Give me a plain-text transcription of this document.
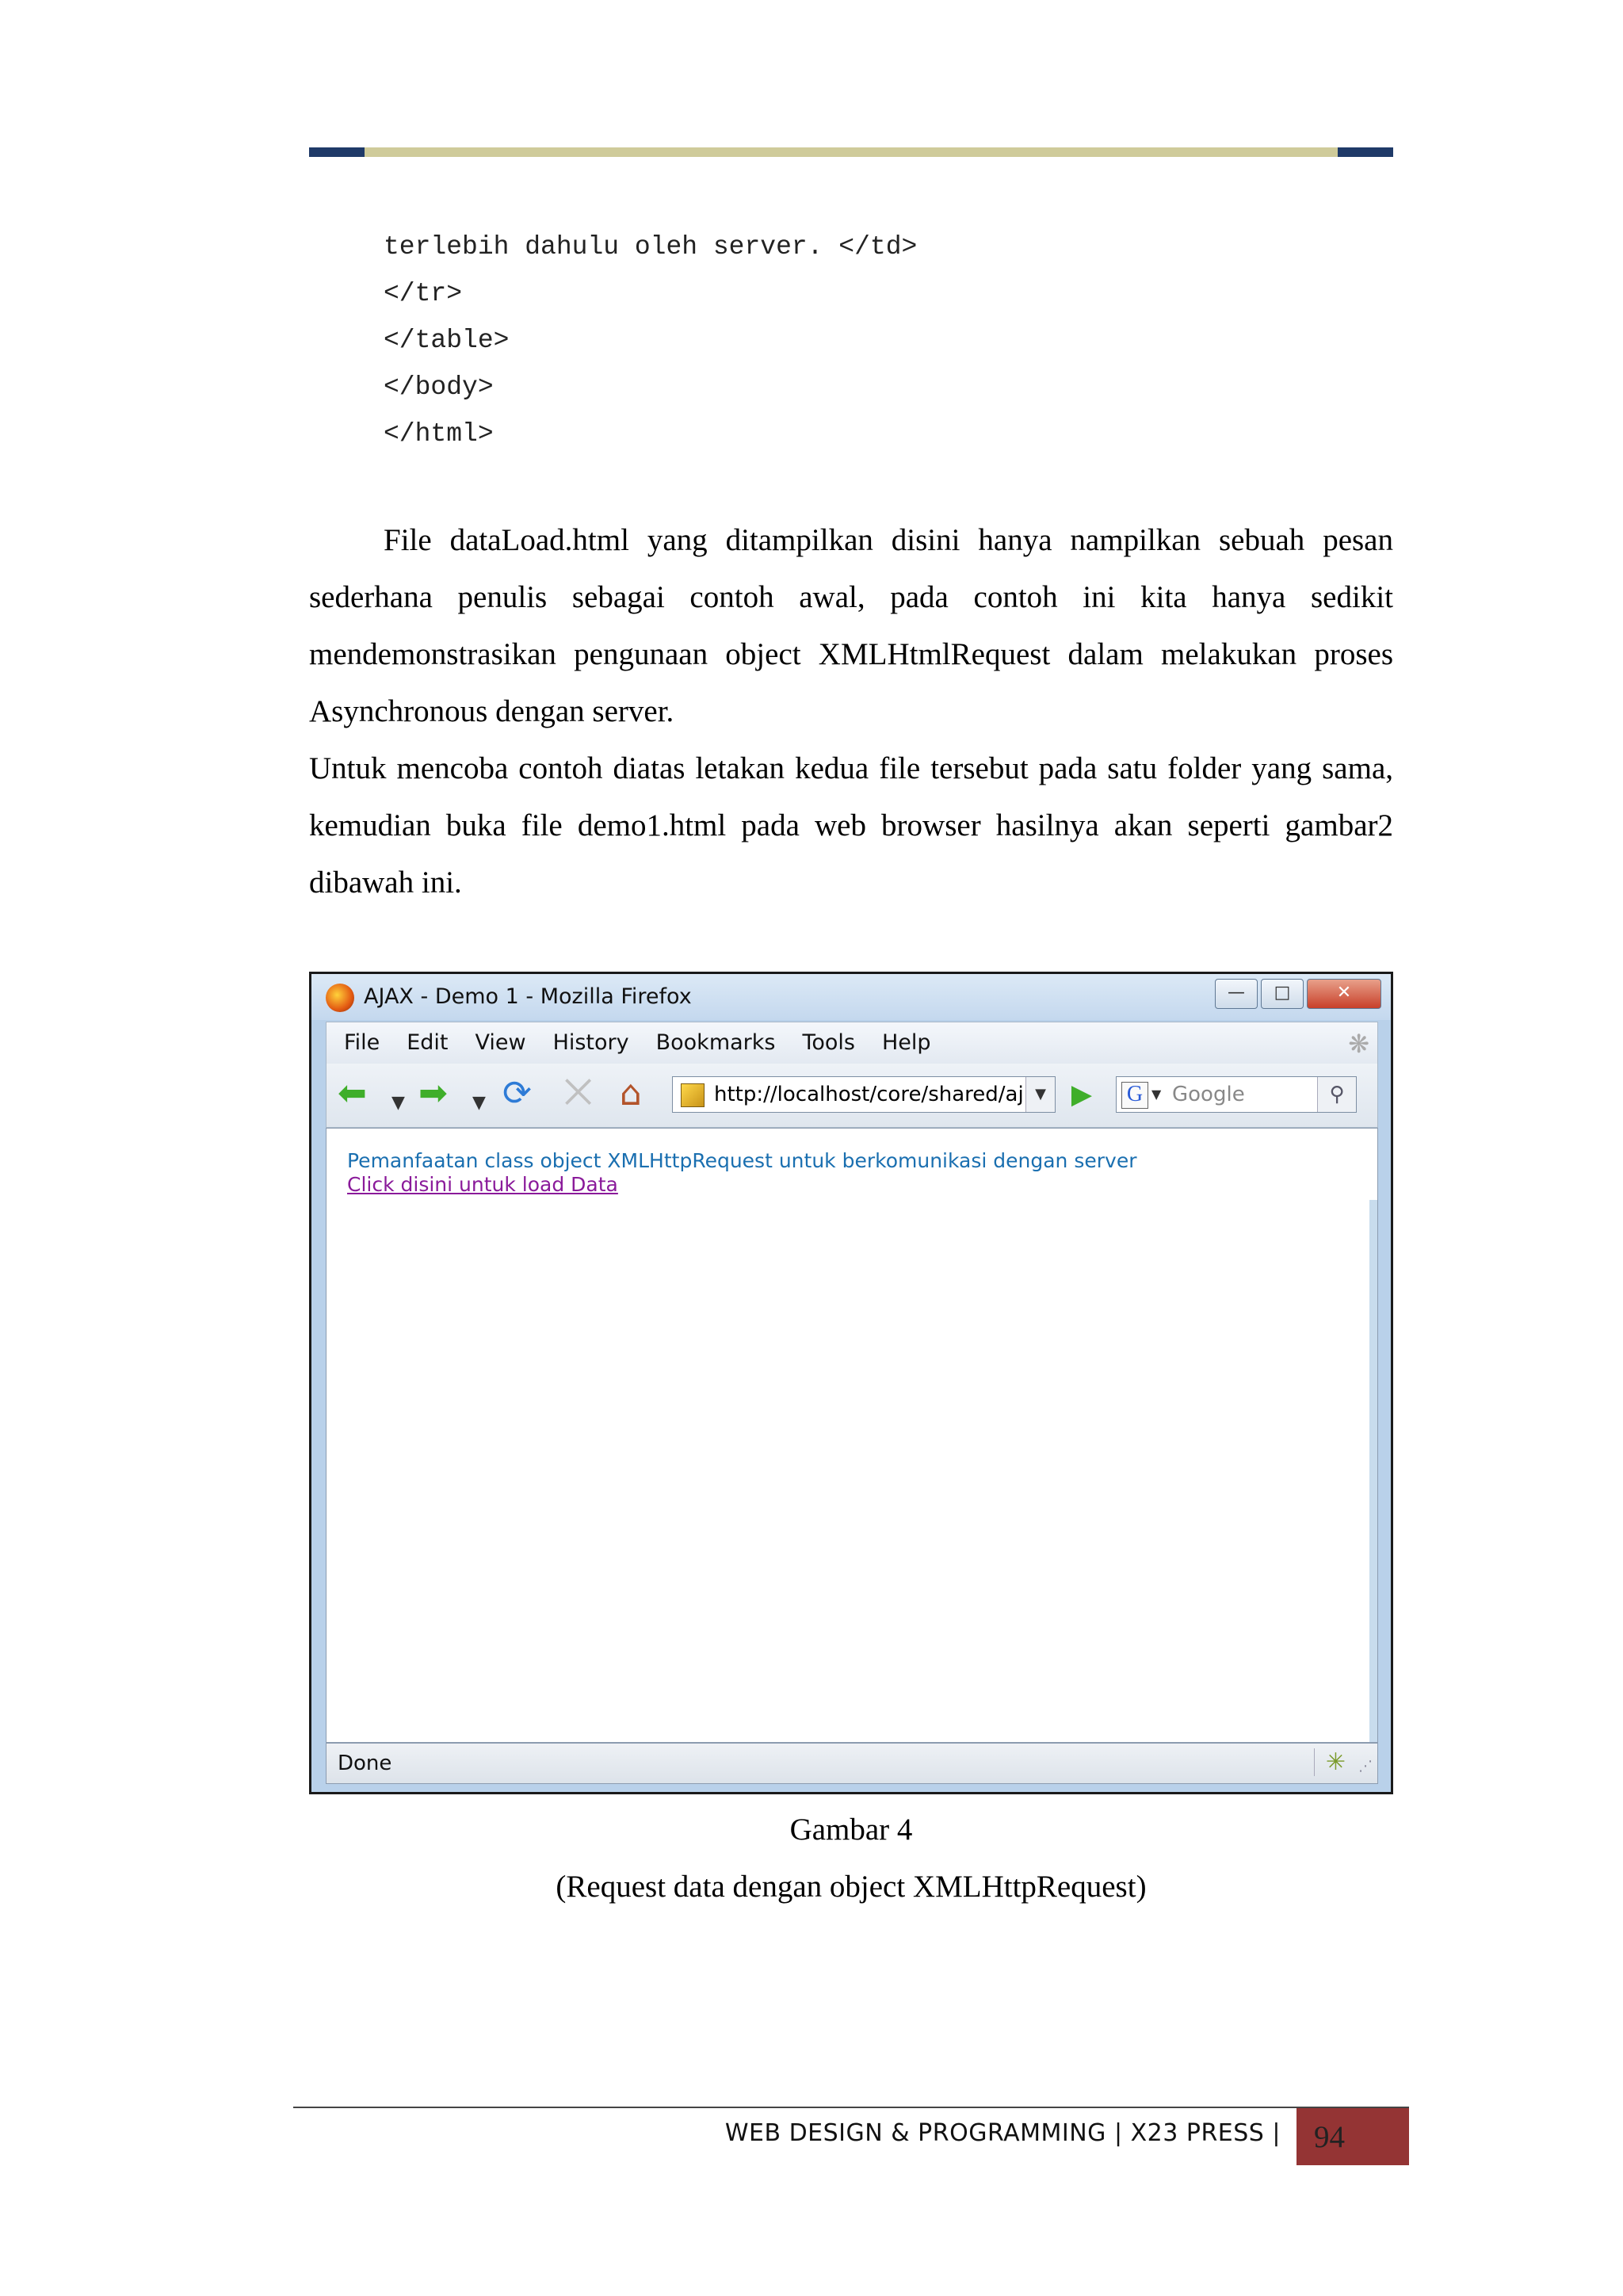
terlebih dahulu oleh server. </td>
</tr>
</table>
</body>
</html>
File dataLoad.html yang ditampilkan disini hanya nampilkan sebuah pesan sederhana penulis sebagai contoh awal, pada contoh ini kita hanya sedikit mendemonstrasikan pengunaan object XMLHtmlRequest dalam melakukan proses Asynchronous dengan server.
Untuk mencoba contoh diatas letakan kedua file tersebut pada satu folder yang sama, kemudian buka file demo1.html pada web browser hasilnya akan seperti gambar2 dibawah ini.
AJAX - Demo 1 - Mozilla Firefox	—	□	✕
File Edit View History Bookmarks Tools Help	❋
⬅ ▼ ➡ ▼ ⟳ ⨉ ⌂	http://localhost/core/shared/aj ▼ ▶ G ▼ Google	⚲
Pemanfaatan class object XMLHttpRequest untuk berkomunikasi dengan server
Click disini untuk load Data
Done	✳ ⋰
Gambar 4
(Request data dengan object XMLHttpRequest)
WEB DESIGN & PROGRAMMING | X23 PRESS |	94
